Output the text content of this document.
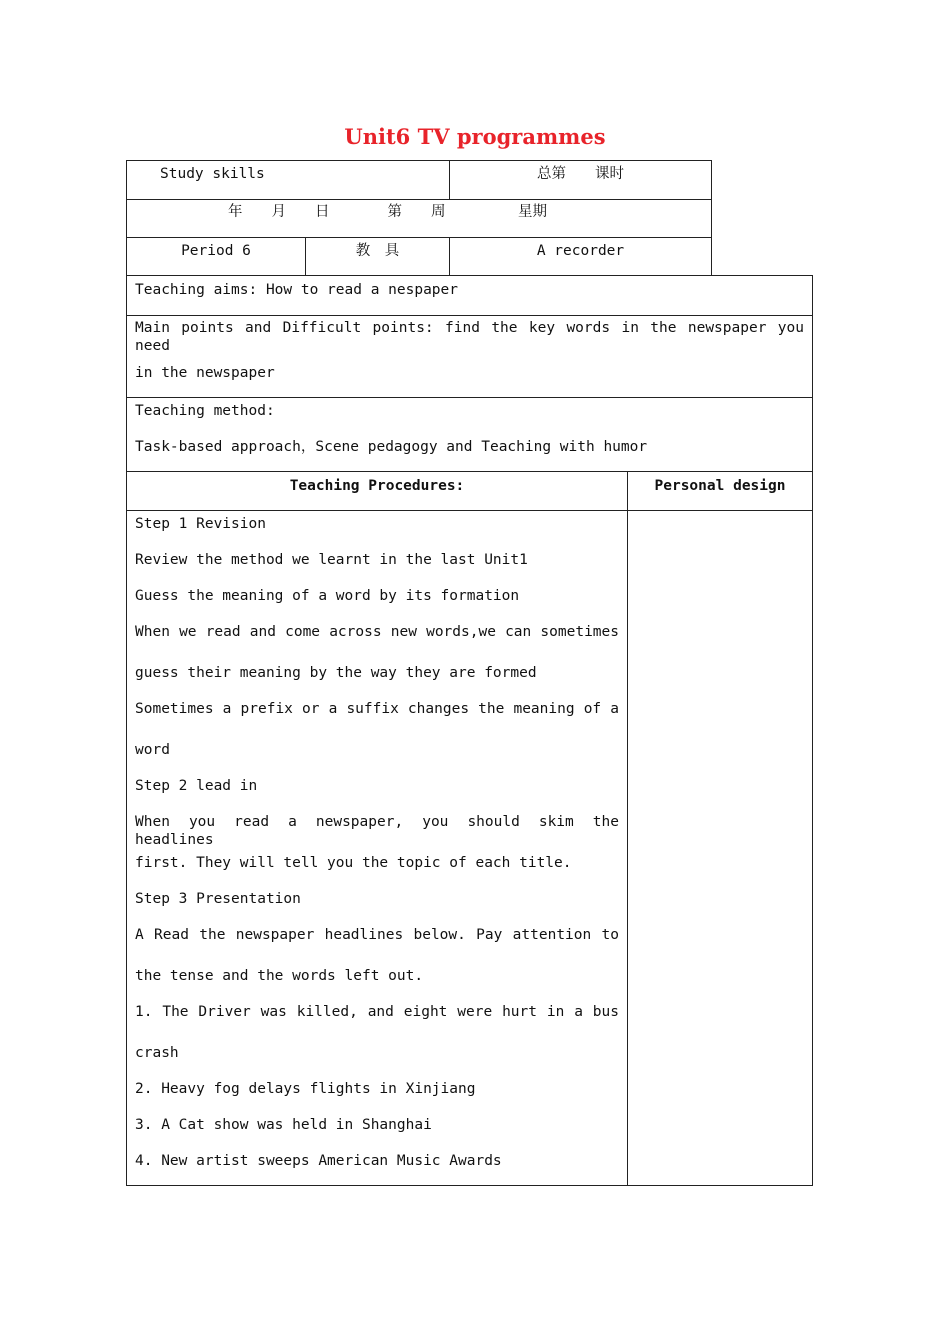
Unit6 TV programmes
Study skills	总第　　课时
年　　月　　日　　　　第　　周　　　　　星期
Period 6	教　具	A recorder
Teaching aims: How to read a nespaper
Main points and Difficult points: find the key words in the newspaper you need
in the newspaper
Teaching method:
Task-based approach，Scene pedagogy and Teaching with humor
Teaching Procedures:	Personal design
Step 1 Revision
Review the method we learnt in the last Unit1
Guess the meaning of a word by its formation
When we read and come across new words,we can sometimes
guess their meaning by the way they are formed
Sometimes a prefix or a suffix changes the meaning of a
word
Step 2 lead in
When you read a newspaper, you should skim the headlines
first. They will tell you the topic of each title.
Step 3 Presentation
A Read the newspaper headlines below. Pay attention to
the tense and the words left out.
1. The Driver was killed, and eight were hurt in a bus
crash
2. Heavy fog delays flights in Xinjiang
3. A Cat show was held in Shanghai
4. New artist sweeps American Music Awards
